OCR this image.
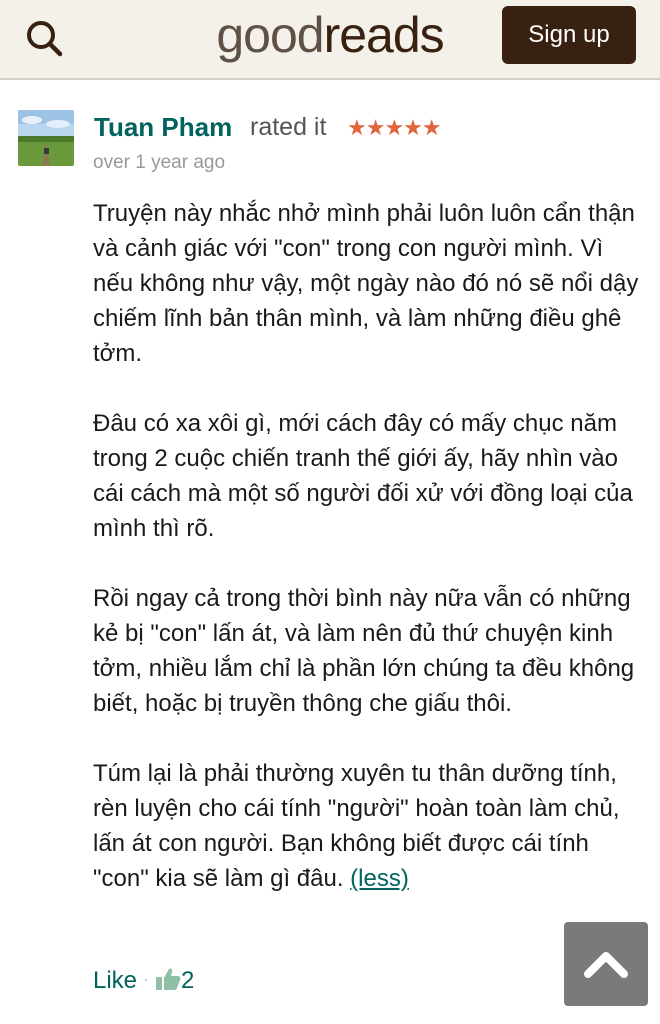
goodreads	Sign up
Tuan Pham rated it ★★★★★
over 1 year ago

Truyện này nhắc nhở mình phải luôn luôn cẩn thận và cảnh giác với "con" trong con người mình. Vì nếu không như vậy, một ngày nào đó nó sẽ nổi dậy chiếm lĩnh bản thân mình, và làm những điều ghê tởm.

Đâu có xa xôi gì, mới cách đây có mấy chục năm trong 2 cuộc chiến tranh thế giới ấy, hãy nhìn vào cái cách mà một số người đối xử với đồng loại của mình thì rõ.

Rồi ngay cả trong thời bình này nữa vẫn có những kẻ bị "con" lấn át, và làm nên đủ thứ chuyện kinh tởm, nhiều lắm chỉ là phần lớn chúng ta đều không biết, hoặc bị truyền thông che giấu thôi.

Túm lại là phải thường xuyên tu thân dưỡng tính, rèn luyện cho cái tính "người" hoàn toàn làm chủ, lấn át con người. Bạn không biết được cái tính "con" kia sẽ làm gì đâu. (less)

Like · 2
